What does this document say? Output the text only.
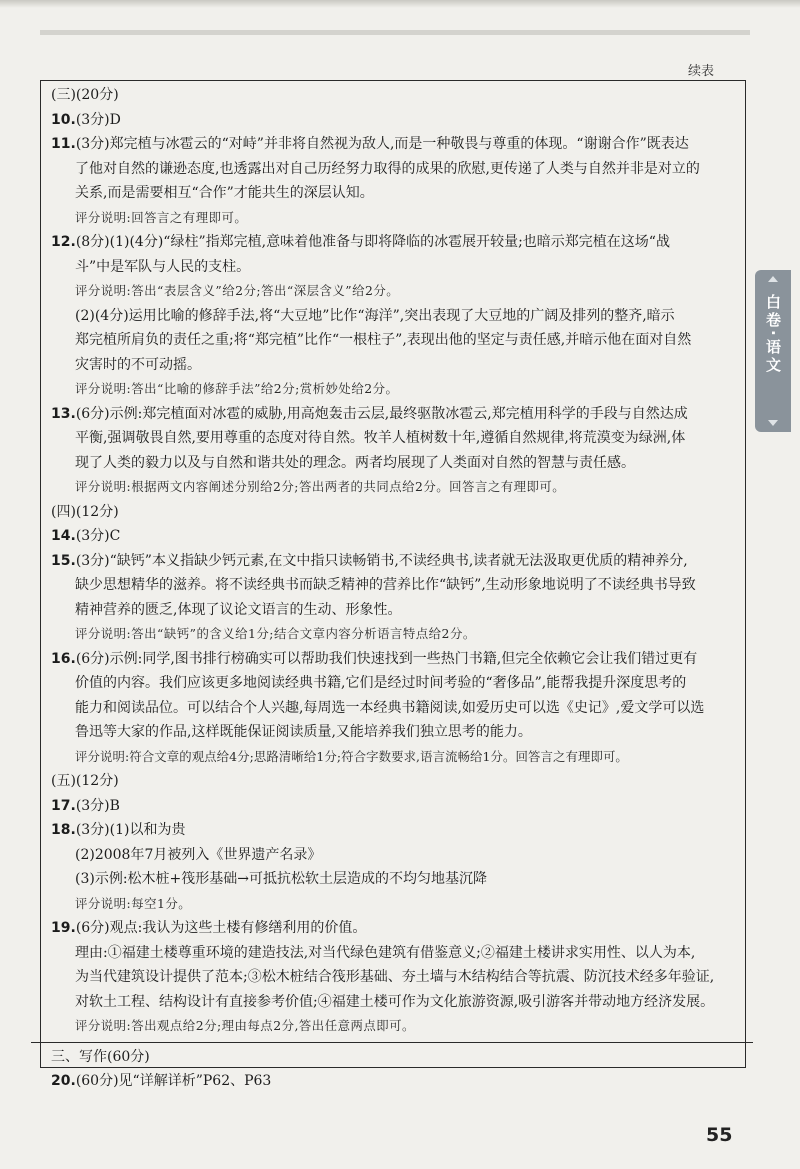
续表
(三)(20分)
10.(3分)D
11.(3分)郑完植与冰雹云的“对峙”并非将自然视为敌人,而是一种敬畏与尊重的体现。“谢谢合作”既表达
了他对自然的谦逊态度,也透露出对自己历经努力取得的成果的欣慰,更传递了人类与自然并非是对立的
关系,而是需要相互“合作”才能共生的深层认知。
评分说明:回答言之有理即可。
12.(8分)(1)(4分)“绿柱”指郑完植,意味着他准备与即将降临的冰雹展开较量;也暗示郑完植在这场“战
斗”中是军队与人民的支柱。
评分说明:答出“表层含义”给2分;答出“深层含义”给2分。
(2)(4分)运用比喻的修辞手法,将“大豆地”比作“海洋”,突出表现了大豆地的广阔及排列的整齐,暗示
郑完植所肩负的责任之重;将“郑完植”比作“一根柱子”,表现出他的坚定与责任感,并暗示他在面对自然
灾害时的不可动摇。
评分说明:答出“比喻的修辞手法”给2分;赏析妙处给2分。
13.(6分)示例:郑完植面对冰雹的威胁,用高炮轰击云层,最终驱散冰雹云,郑完植用科学的手段与自然达成
平衡,强调敬畏自然,要用尊重的态度对待自然。牧羊人植树数十年,遵循自然规律,将荒漠变为绿洲,体
现了人类的毅力以及与自然和谐共处的理念。两者均展现了人类面对自然的智慧与责任感。
评分说明:根据两文内容阐述分别给2分;答出两者的共同点给2分。回答言之有理即可。
(四)(12分)
14.(3分)C
15.(3分)“缺钙”本义指缺少钙元素,在文中指只读畅销书,不读经典书,读者就无法汲取更优质的精神养分,
缺少思想精华的滋养。将不读经典书而缺乏精神的营养比作“缺钙”,生动形象地说明了不读经典书导致
精神营养的匮乏,体现了议论文语言的生动、形象性。
评分说明:答出“缺钙”的含义给1分;结合文章内容分析语言特点给2分。
16.(6分)示例:同学,图书排行榜确实可以帮助我们快速找到一些热门书籍,但完全依赖它会让我们错过更有
价值的内容。我们应该更多地阅读经典书籍,它们是经过时间考验的“奢侈品”,能帮我提升深度思考的
能力和阅读品位。可以结合个人兴趣,每周选一本经典书籍阅读,如爱历史可以选《史记》,爱文学可以选
鲁迅等大家的作品,这样既能保证阅读质量,又能培养我们独立思考的能力。
评分说明:符合文章的观点给4分;思路清晰给1分;符合字数要求,语言流畅给1分。回答言之有理即可。
(五)(12分)
17.(3分)B
18.(3分)(1)以和为贵
(2)2008年7月被列入《世界遗产名录》
(3)示例:松木桩+筏形基础→可抵抗松软土层造成的不均匀地基沉降
评分说明:每空1分。
19.(6分)观点:我认为这些土楼有修缮利用的价值。
理由:①福建土楼尊重环境的建造技法,对当代绿色建筑有借鉴意义;②福建土楼讲求实用性、以人为本,
为当代建筑设计提供了范本;③松木桩结合筏形基础、夯土墙与木结构结合等抗震、防沉技术经多年验证,
对软土工程、结构设计有直接参考价值;④福建土楼可作为文化旅游资源,吸引游客并带动地方经济发展。
评分说明:答出观点给2分;理由每点2分,答出任意两点即可。
三、写作(60分)
20.(60分)见“详解详析”P62、P63
白卷·语文
55
